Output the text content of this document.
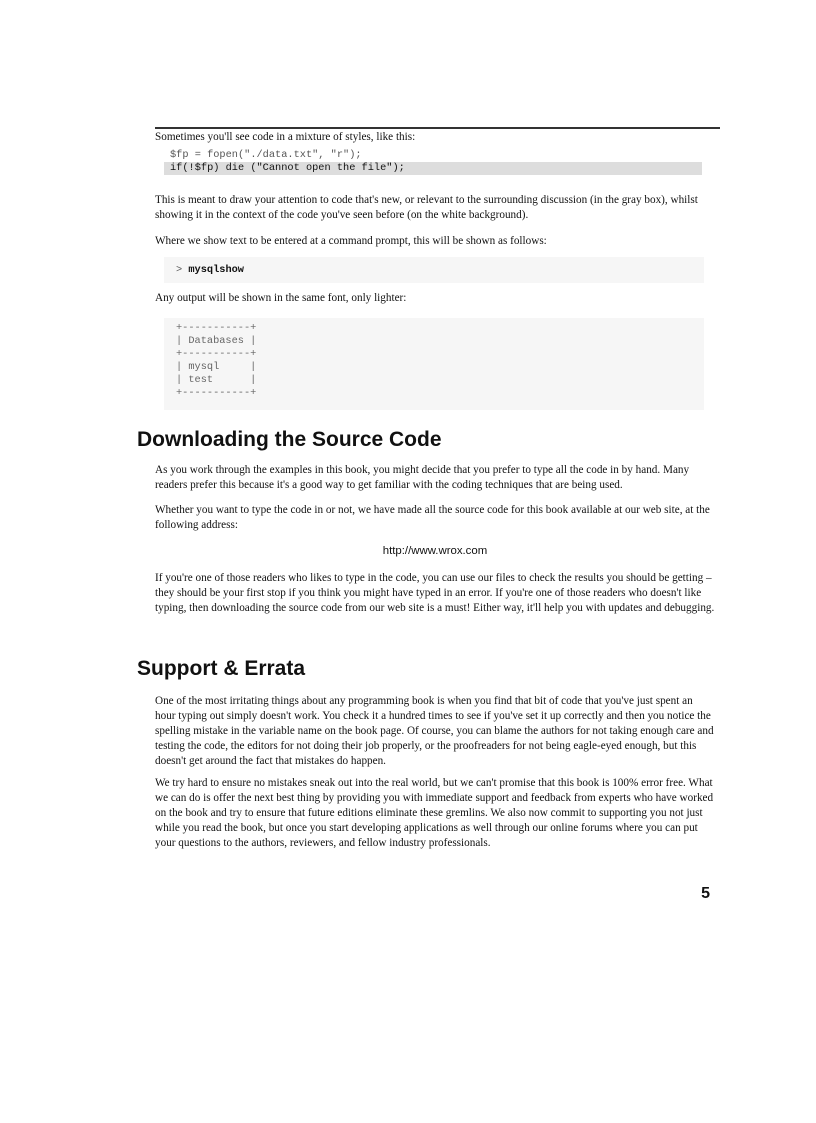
Sometimes you'll see code in a mixture of styles, like this:

$fp = fopen("./data.txt", "r");
if(!$fp) die ("Cannot open the file");

This is meant to draw your attention to code that's new, or relevant to the surrounding discussion (in the gray box), whilst showing it in the context of the code you've seen before (on the white background).

Where we show text to be entered at a command prompt, this will be shown as follows:

> mysqlshow

Any output will be shown in the same font, only lighter:

+-----------+
| Databases |
+-----------+
| mysql     |
| test      |
+-----------+
Downloading the Source Code

As you work through the examples in this book, you might decide that you prefer to type all the code in by hand. Many readers prefer this because it's a good way to get familiar with the coding techniques that are being used.

Whether you want to type the code in or not, we have made all the source code for this book available at our web site, at the following address:

http://www.wrox.com

If you're one of those readers who likes to type in the code, you can use our files to check the results you should be getting – they should be your first stop if you think you might have typed in an error. If you're one of those readers who doesn't like typing, then downloading the source code from our web site is a must! Either way, it'll help you with updates and debugging.

Support & Errata

One of the most irritating things about any programming book is when you find that bit of code that you've just spent an hour typing out simply doesn't work. You check it a hundred times to see if you've set it up correctly and then you notice the spelling mistake in the variable name on the book page. Of course, you can blame the authors for not taking enough care and testing the code, the editors for not doing their job properly, or the proofreaders for not being eagle-eyed enough, but this doesn't get around the fact that mistakes do happen.

We try hard to ensure no mistakes sneak out into the real world, but we can't promise that this book is 100% error free. What we can do is offer the next best thing by providing you with immediate support and feedback from experts who have worked on the book and try to ensure that future editions eliminate these gremlins. We also now commit to supporting you not just while you read the book, but once you start developing applications as well through our online forums where you can put your questions to the authors, reviewers, and fellow industry professionals.

5
